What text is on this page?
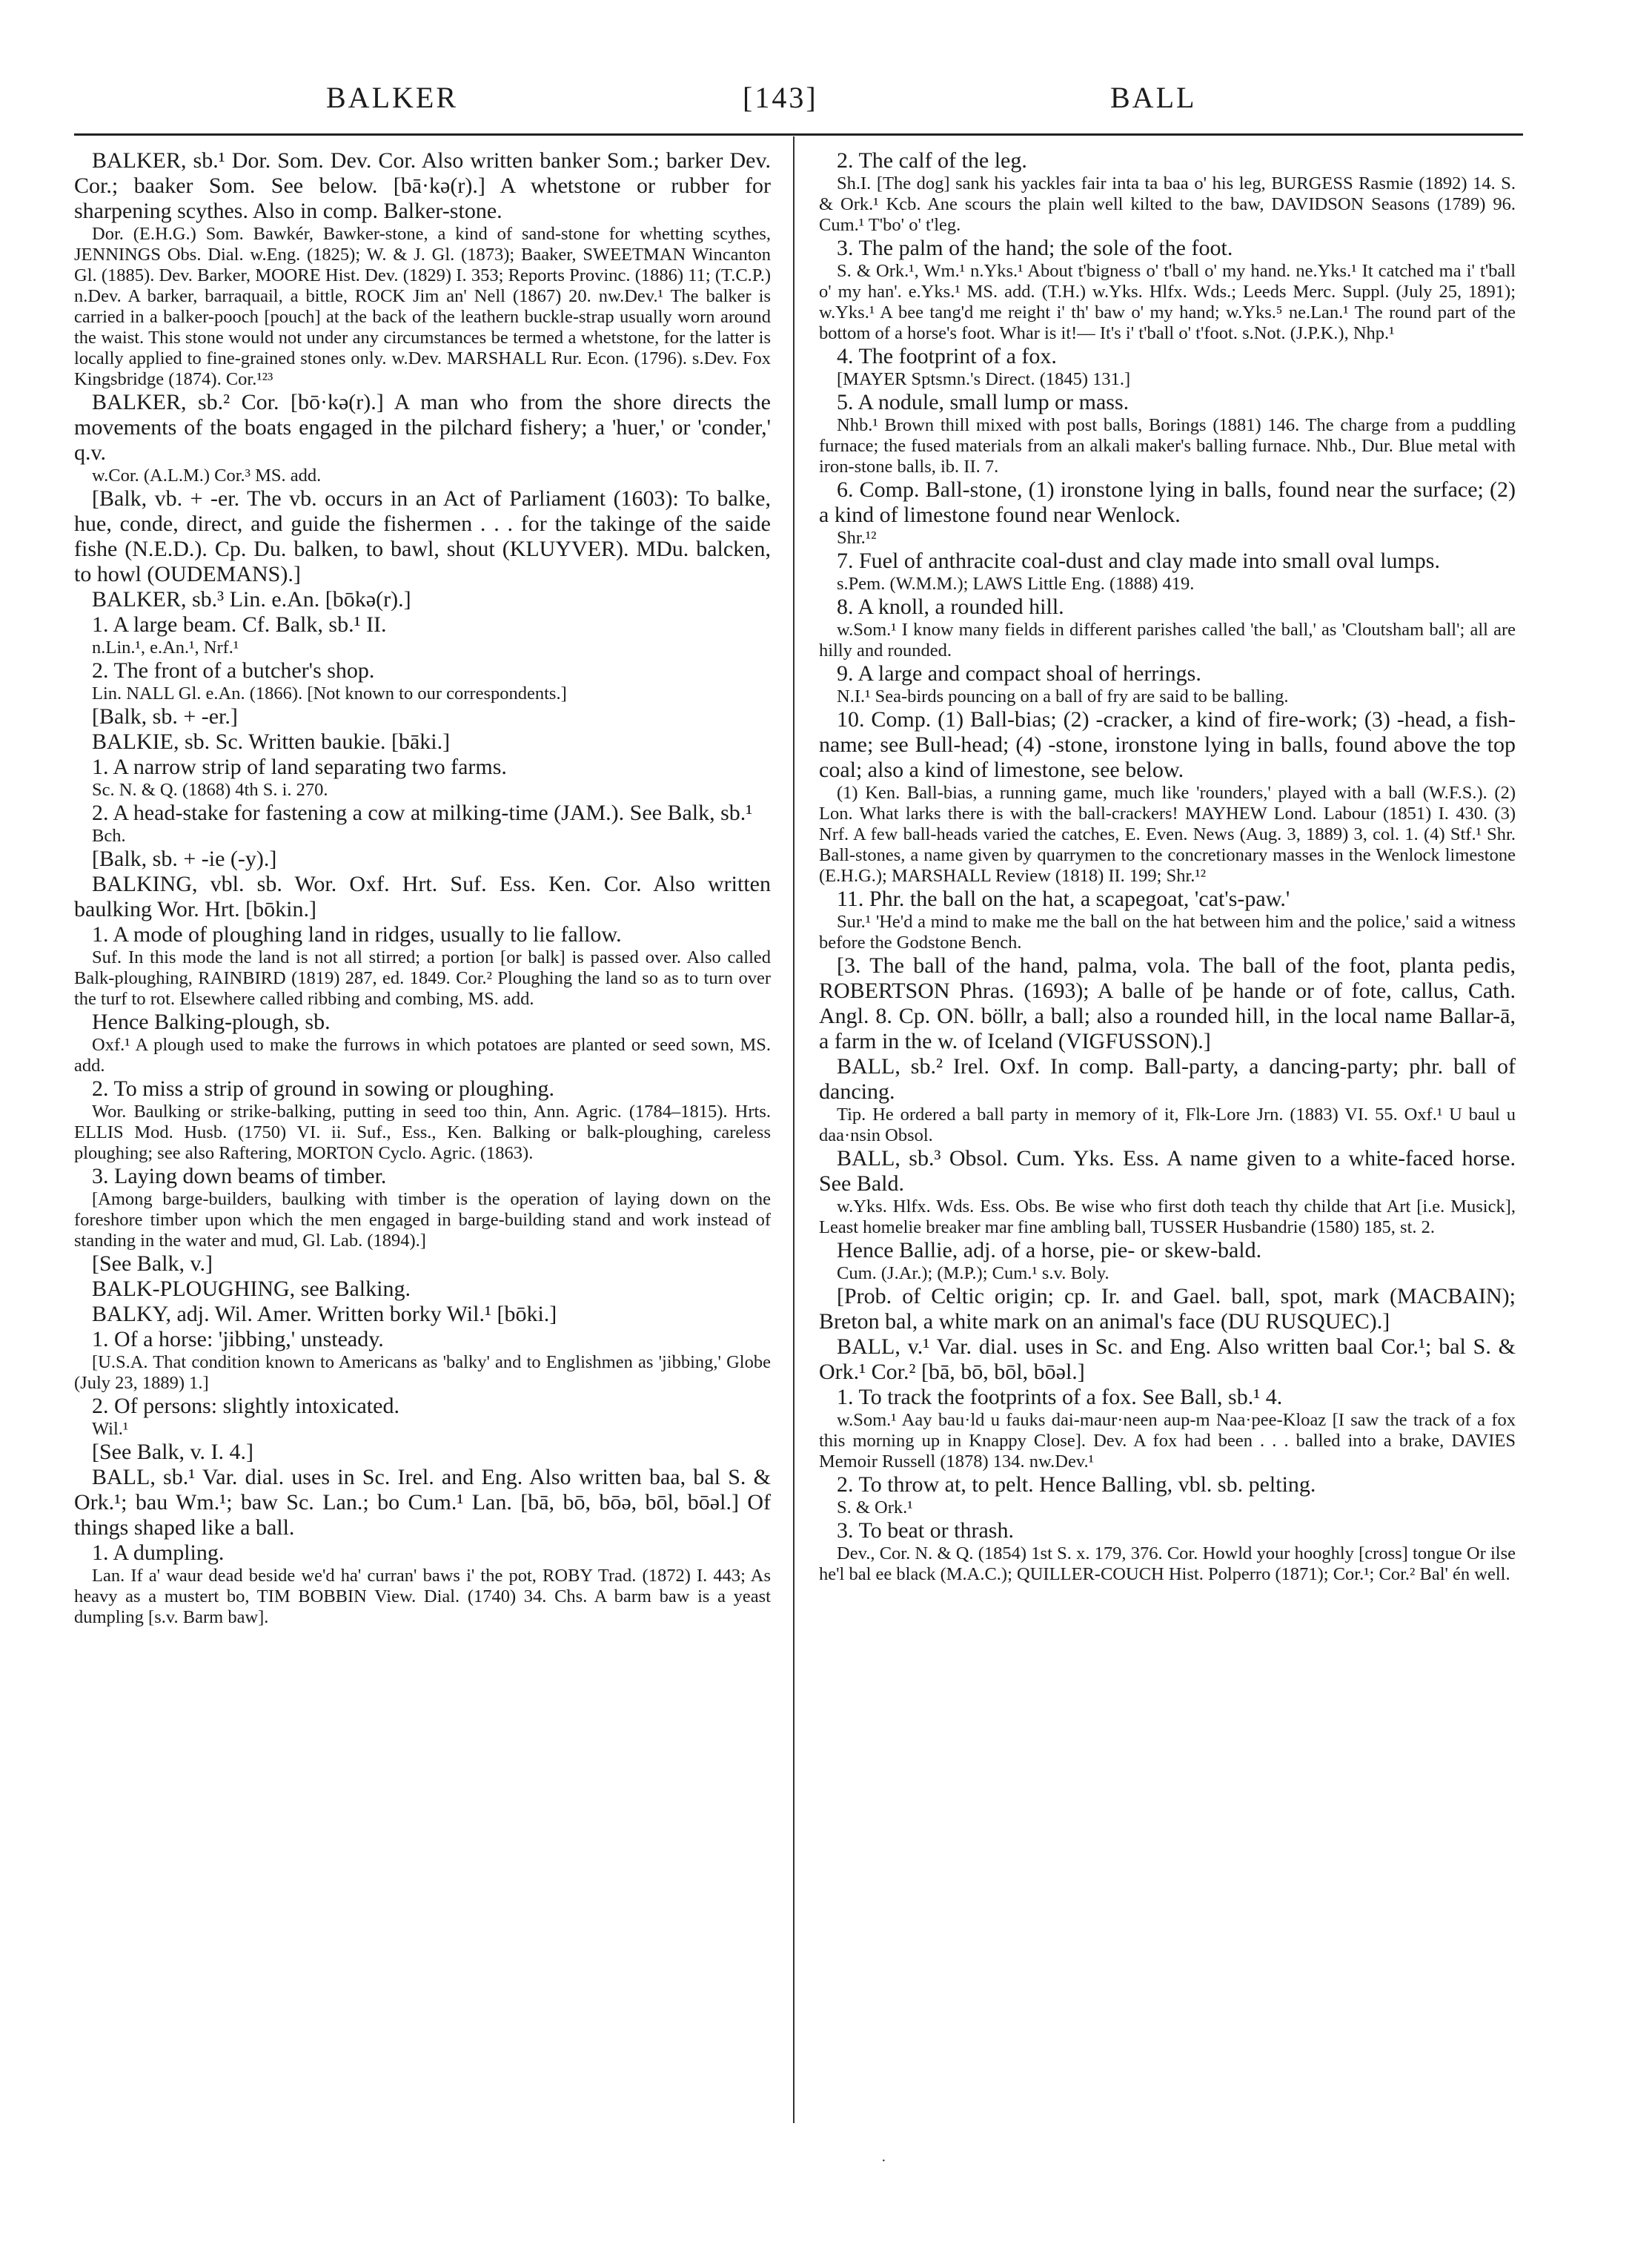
BALKER	[143]	BALL

BALKER, sb.¹ Dor. Som. Dev. Cor. Also written banker Som.; barker Dev. Cor.; baaker Som. See below. [bā·kə(r).] A whetstone or rubber for sharpening scythes. Also in comp. Balker-stone.

Dor. (E.H.G.) Som. Bawkér, Bawker-stone, a kind of sand-stone for whetting scythes, JENNINGS Obs. Dial. w.Eng. (1825); W. & J. Gl. (1873); Baaker, SWEETMAN Wincanton Gl. (1885). Dev. Barker, MOORE Hist. Dev. (1829) I. 353; Reports Provinc. (1886) 11; (T.C.P.) n.Dev. A barker, barraquail, a bittle, ROCK Jim an' Nell (1867) 20. nw.Dev.¹ The balker is carried in a balker-pooch [pouch] at the back of the leathern buckle-strap usually worn around the waist. This stone would not under any circumstances be termed a whetstone, for the latter is locally applied to fine-grained stones only. w.Dev. MARSHALL Rur. Econ. (1796). s.Dev. Fox Kingsbridge (1874). Cor.¹²³

BALKER, sb.² Cor. [bō·kə(r).] A man who from the shore directs the movements of the boats engaged in the pilchard fishery; a 'huer,' or 'conder,' q.v.

w.Cor. (A.L.M.) Cor.³ MS. add.

[Balk, vb. + -er. The vb. occurs in an Act of Parliament (1603): To balke, hue, conde, direct, and guide the fishermen . . . for the takinge of the saide fishe (N.E.D.). Cp. Du. balken, to bawl, shout (KLUYVER). MDu. balcken, to howl (OUDEMANS).]

BALKER, sb.³ Lin. e.An. [bōkə(r).]

1. A large beam. Cf. Balk, sb.¹ II.

n.Lin.¹, e.An.¹, Nrf.¹

2. The front of a butcher's shop.

Lin. NALL Gl. e.An. (1866). [Not known to our correspondents.]

[Balk, sb. + -er.]

BALKIE, sb. Sc. Written baukie. [bāki.]

1. A narrow strip of land separating two farms.

Sc. N. & Q. (1868) 4th S. i. 270.

2. A head-stake for fastening a cow at milking-time (JAM.). See Balk, sb.¹

Bch.

[Balk, sb. + -ie (-y).]

BALKING, vbl. sb. Wor. Oxf. Hrt. Suf. Ess. Ken. Cor. Also written baulking Wor. Hrt. [bōkin.]

1. A mode of ploughing land in ridges, usually to lie fallow.

Suf. In this mode the land is not all stirred; a portion [or balk] is passed over. Also called Balk-ploughing, RAINBIRD (1819) 287, ed. 1849. Cor.² Ploughing the land so as to turn over the turf to rot. Elsewhere called ribbing and combing, MS. add.

Hence Balking-plough, sb.

Oxf.¹ A plough used to make the furrows in which potatoes are planted or seed sown, MS. add.

2. To miss a strip of ground in sowing or ploughing.

Wor. Baulking or strike-balking, putting in seed too thin, Ann. Agric. (1784–1815). Hrts. ELLIS Mod. Husb. (1750) VI. ii. Suf., Ess., Ken. Balking or balk-ploughing, careless ploughing; see also Raftering, MORTON Cyclo. Agric. (1863).

3. Laying down beams of timber.

[Among barge-builders, baulking with timber is the operation of laying down on the foreshore timber upon which the men engaged in barge-building stand and work instead of standing in the water and mud, Gl. Lab. (1894).]

[See Balk, v.]

BALK-PLOUGHING, see Balking.

BALKY, adj. Wil. Amer. Written borky Wil.¹ [bōki.]

1. Of a horse: 'jibbing,' unsteady.

[U.S.A. That condition known to Americans as 'balky' and to Englishmen as 'jibbing,' Globe (July 23, 1889) 1.]

2. Of persons: slightly intoxicated.

Wil.¹

[See Balk, v. I. 4.]

BALL, sb.¹ Var. dial. uses in Sc. Irel. and Eng. Also written baa, bal S. & Ork.¹; bau Wm.¹; baw Sc. Lan.; bo Cum.¹ Lan. [bā, bō, bōə, bōl, bōəl.] Of things shaped like a ball.

1. A dumpling.

Lan. If a' waur dead beside we'd ha' curran' baws i' the pot, ROBY Trad. (1872) I. 443; As heavy as a mustert bo, TIM BOBBIN View. Dial. (1740) 34. Chs. A barm baw is a yeast dumpling [s.v. Barm baw].

2. The calf of the leg.

Sh.I. [The dog] sank his yackles fair inta ta baa o' his leg, BURGESS Rasmie (1892) 14. S. & Ork.¹ Kcb. Ane scours the plain well kilted to the baw, DAVIDSON Seasons (1789) 96. Cum.¹ T'bo' o' t'leg.

3. The palm of the hand; the sole of the foot.

S. & Ork.¹, Wm.¹ n.Yks.¹ About t'bigness o' t'ball o' my hand. ne.Yks.¹ It catched ma i' t'ball o' my han'. e.Yks.¹ MS. add. (T.H.) w.Yks. Hlfx. Wds.; Leeds Merc. Suppl. (July 25, 1891); w.Yks.¹ A bee tang'd me reight i' th' baw o' my hand; w.Yks.⁵ ne.Lan.¹ The round part of the bottom of a horse's foot. Whar is it!— It's i' t'ball o' t'foot. s.Not. (J.P.K.), Nhp.¹

4. The footprint of a fox.

[MAYER Sptsmn.'s Direct. (1845) 131.]

5. A nodule, small lump or mass.

Nhb.¹ Brown thill mixed with post balls, Borings (1881) 146. The charge from a puddling furnace; the fused materials from an alkali maker's balling furnace. Nhb., Dur. Blue metal with iron-stone balls, ib. II. 7.

6. Comp. Ball-stone, (1) ironstone lying in balls, found near the surface; (2) a kind of limestone found near Wenlock.

Shr.¹²

7. Fuel of anthracite coal-dust and clay made into small oval lumps.

s.Pem. (W.M.M.); LAWS Little Eng. (1888) 419.

8. A knoll, a rounded hill.

w.Som.¹ I know many fields in different parishes called 'the ball,' as 'Cloutsham ball'; all are hilly and rounded.

9. A large and compact shoal of herrings.

N.I.¹ Sea-birds pouncing on a ball of fry are said to be balling.

10. Comp. (1) Ball-bias; (2) -cracker, a kind of fire-work; (3) -head, a fish-name; see Bull-head; (4) -stone, ironstone lying in balls, found above the top coal; also a kind of limestone, see below.

(1) Ken. Ball-bias, a running game, much like 'rounders,' played with a ball (W.F.S.). (2) Lon. What larks there is with the ball-crackers! MAYHEW Lond. Labour (1851) I. 430. (3) Nrf. A few ball-heads varied the catches, E. Even. News (Aug. 3, 1889) 3, col. 1. (4) Stf.¹ Shr. Ball-stones, a name given by quarrymen to the concretionary masses in the Wenlock limestone (E.H.G.); MARSHALL Review (1818) II. 199; Shr.¹²

11. Phr. the ball on the hat, a scapegoat, 'cat's-paw.'

Sur.¹ 'He'd a mind to make me the ball on the hat between him and the police,' said a witness before the Godstone Bench.

[3. The ball of the hand, palma, vola. The ball of the foot, planta pedis, ROBERTSON Phras. (1693); A balle of þe hande or of fote, callus, Cath. Angl. 8. Cp. ON. böllr, a ball; also a rounded hill, in the local name Ballar-ā, a farm in the w. of Iceland (VIGFUSSON).]

BALL, sb.² Irel. Oxf. In comp. Ball-party, a dancing-party; phr. ball of dancing.

Tip. He ordered a ball party in memory of it, Flk-Lore Jrn. (1883) VI. 55. Oxf.¹ U baul u daa·nsin Obsol.

BALL, sb.³ Obsol. Cum. Yks. Ess. A name given to a white-faced horse. See Bald.

w.Yks. Hlfx. Wds. Ess. Obs. Be wise who first doth teach thy childe that Art [i.e. Musick], Least homelie breaker mar fine ambling ball, TUSSER Husbandrie (1580) 185, st. 2.

Hence Ballie, adj. of a horse, pie- or skew-bald.

Cum. (J.Ar.); (M.P.); Cum.¹ s.v. Boly.

[Prob. of Celtic origin; cp. Ir. and Gael. ball, spot, mark (MACBAIN); Breton bal, a white mark on an animal's face (DU RUSQUEC).]

BALL, v.¹ Var. dial. uses in Sc. and Eng. Also written baal Cor.¹; bal S. & Ork.¹ Cor.² [bā, bō, bōl, bōəl.]

1. To track the footprints of a fox. See Ball, sb.¹ 4.

w.Som.¹ Aay bau·ld u fauks dai-maur·neen aup-m Naa·pee-Kloaz [I saw the track of a fox this morning up in Knappy Close]. Dev. A fox had been . . . balled into a brake, DAVIES Memoir Russell (1878) 134. nw.Dev.¹

2. To throw at, to pelt. Hence Balling, vbl. sb. pelting.

S. & Ork.¹

3. To beat or thrash.

Dev., Cor. N. & Q. (1854) 1st S. x. 179, 376. Cor. Howld your hooghly [cross] tongue Or ilse he'l bal ee black (M.A.C.); QUILLER-COUCH Hist. Polperro (1871); Cor.¹; Cor.² Bal' én well.

·
